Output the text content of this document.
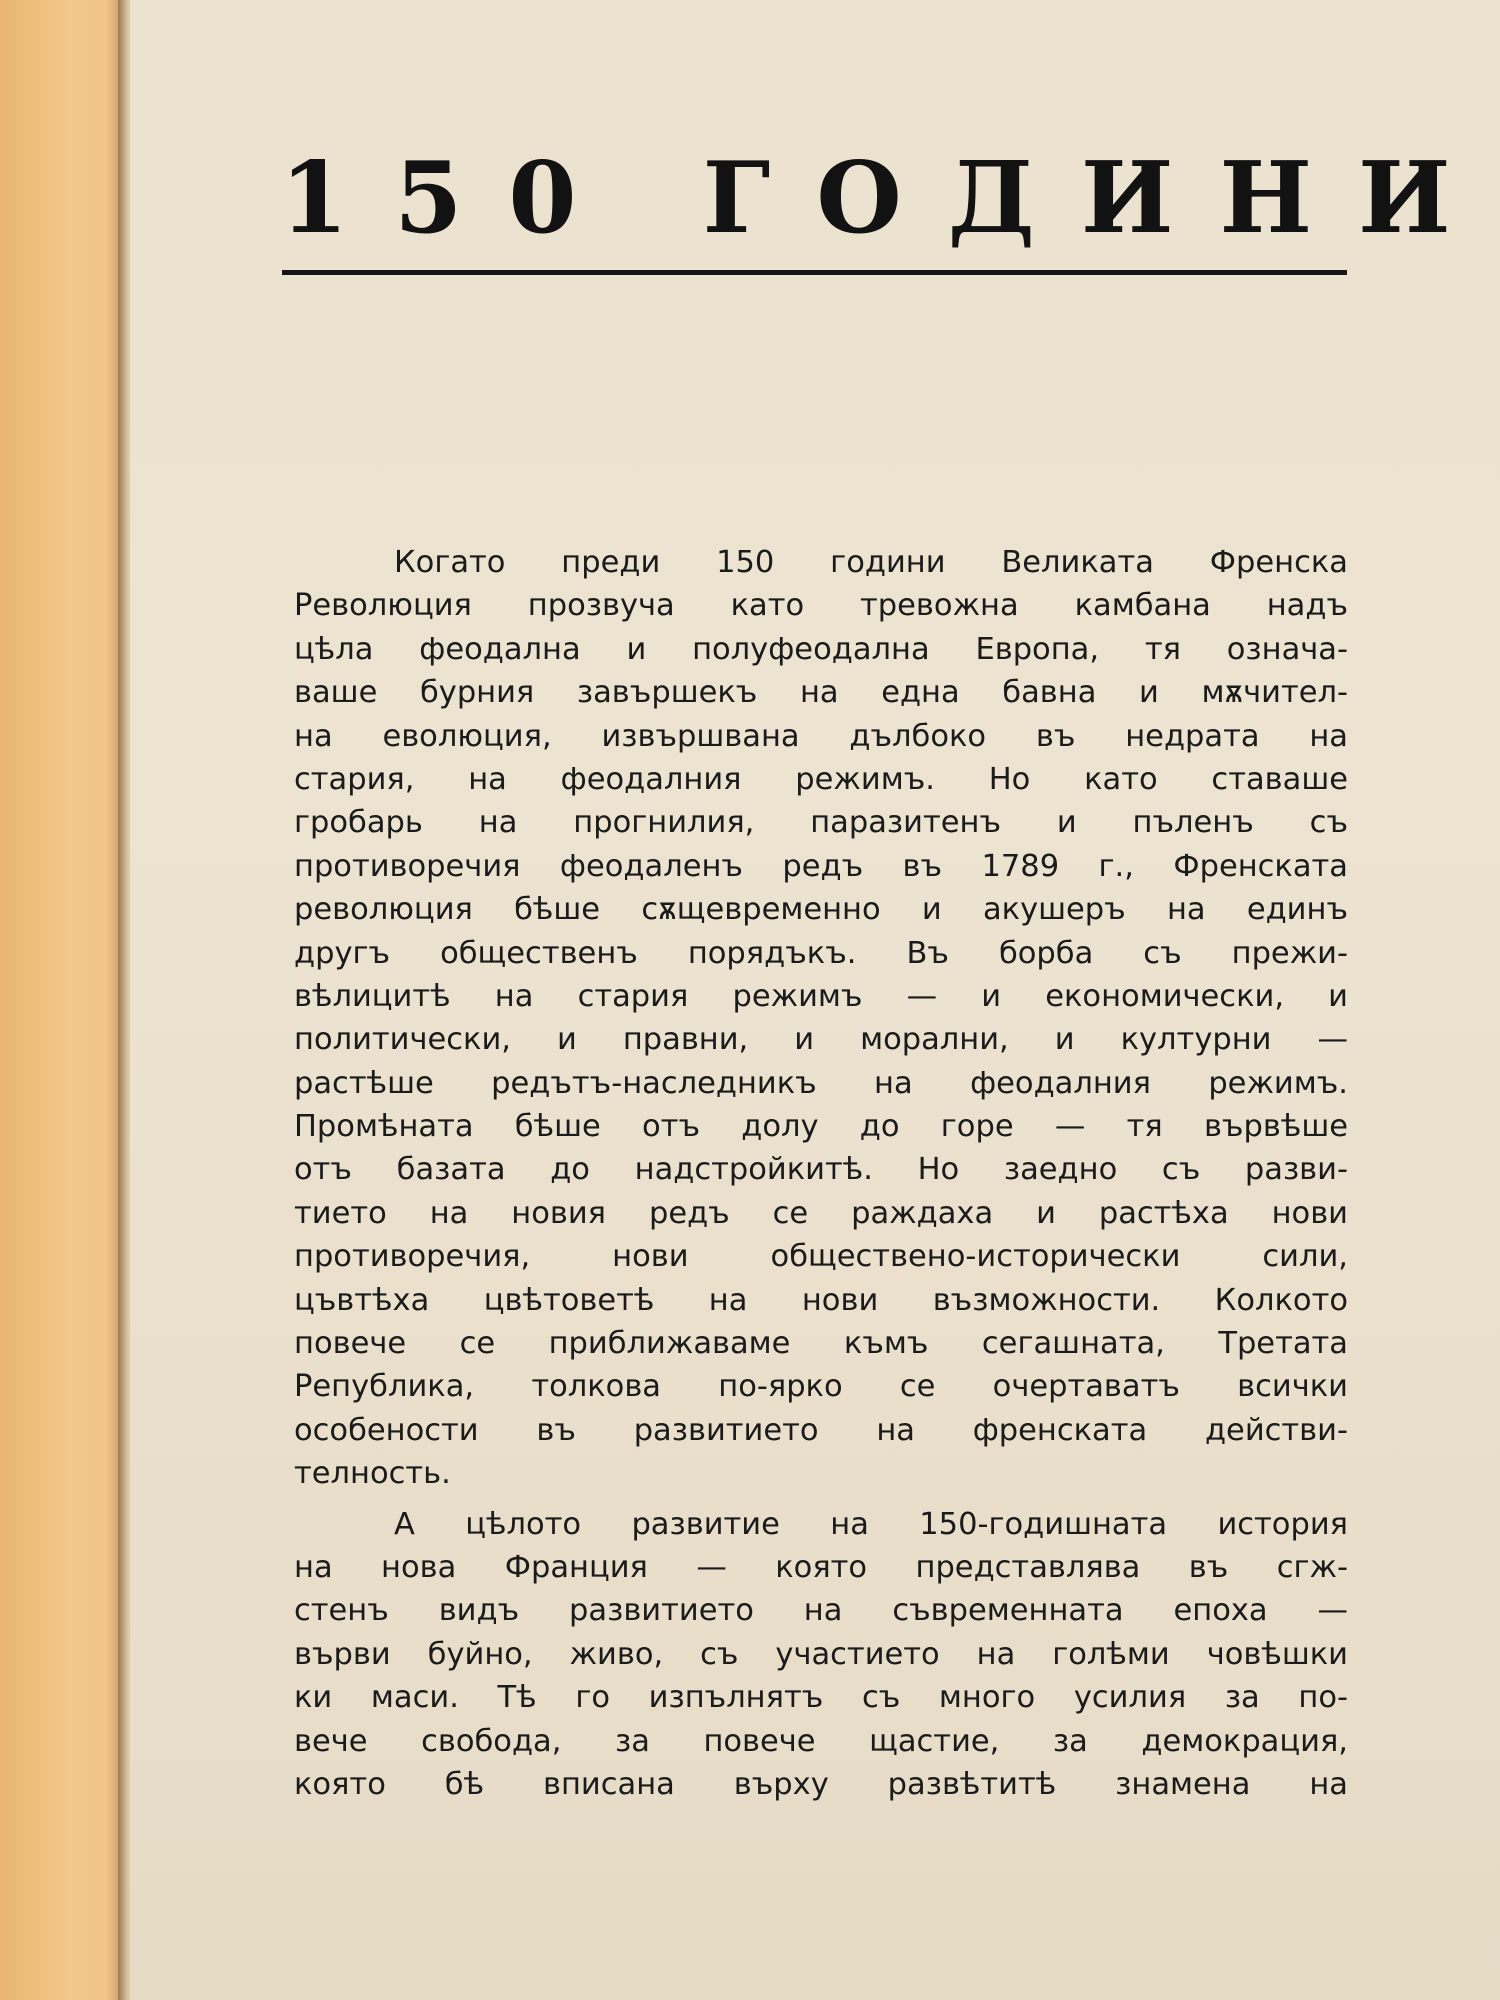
150 ГОДИНИ
Когато преди 150 години Великата Френска
Революция прозвуча като тревожна камбана надъ
цѣла феодална и полуфеодална Европа, тя означа-
ваше бурния завършекъ на една бавна и мѫчител-
на еволюция, извършвана дълбоко въ недрата на
стария, на феодалния режимъ. Но като ставаше
гробарь на прогнилия, паразитенъ и пъленъ съ
противоречия феодаленъ редъ въ 1789 г., Френската
революция бѣше сѫщевременно и акушеръ на единъ
другъ общественъ порядъкъ. Въ борба съ прежи-
вѣлицитѣ на стария режимъ — и економически, и
политически, и правни, и морални, и културни —
растѣше редътъ-наследникъ на феодалния режимъ.
Промѣната бѣше отъ долу до горе — тя вървѣше
отъ базата до надстройкитѣ. Но заедно съ разви-
тието на новия редъ се раждаха и растѣха нови
противоречия, нови обществено-исторически сили,
цъвтѣха цвѣтоветѣ на нови възможности. Колкото
повече се приближаваме къмъ сегашната, Третата
Република, толкова по-ярко се очертаватъ всички
особености въ развитието на френската действи-
телность.
А цѣлото развитие на 150-годишната история
на нова Франция — която представлява въ сгж-
стенъ видъ развитието на съвременната епоха —
върви буйно, живо, съ участието на голѣми човѣшки
ки маси. Тѣ го изпълнятъ съ много усилия за по-
вече свобода, за повече щастие, за демокрация,
която бѣ вписана върху развѣтитѣ знамена на
